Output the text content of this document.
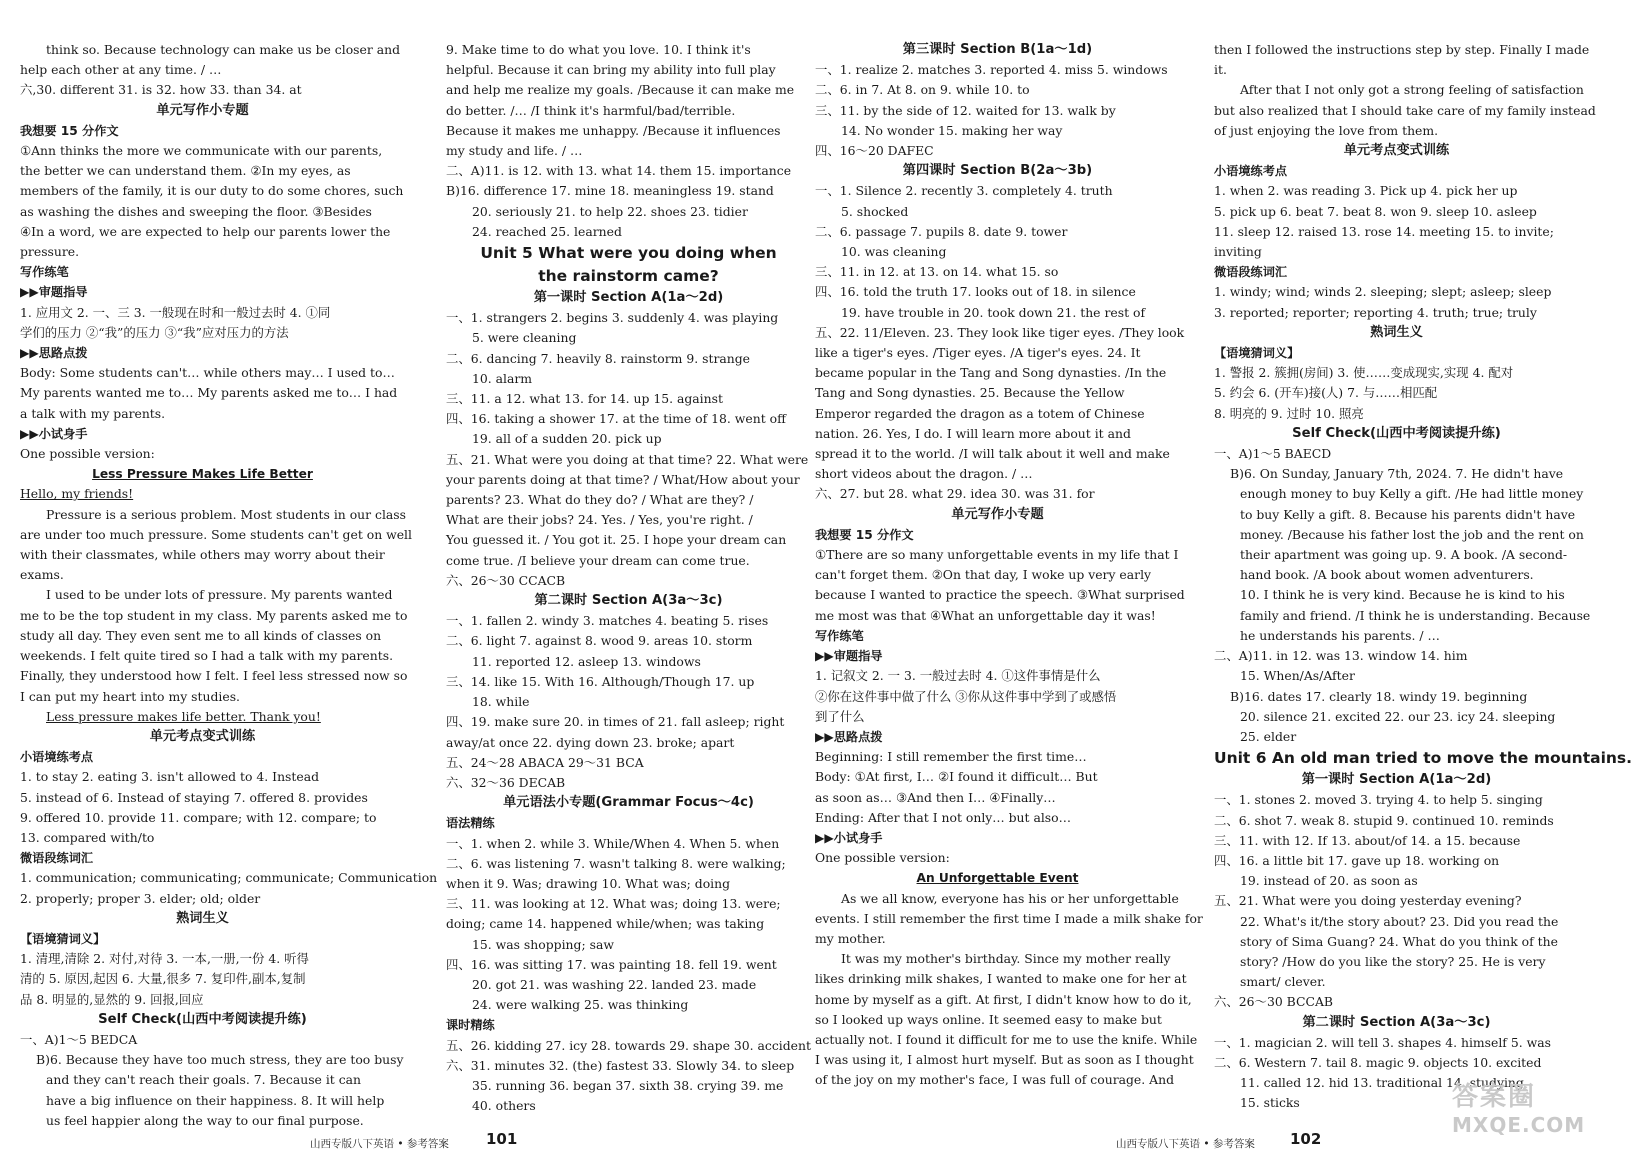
think so. Because technology can make us be closer and

help each other at any time. / …

六,30. different 31. is 32. how 33. than 34. at

单元写作小专题

我想要 15 分作文

①Ann thinks the more we communicate with our parents,

the better we can understand them. ②In my eyes, as

members of the family, it is our duty to do some chores, such

as washing the dishes and sweeping the floor. ③Besides

④In a word, we are expected to help our parents lower the

pressure.

写作练笔

▶▶审题指导

1. 应用文 2. 一、三 3. 一般现在时和一般过去时 4. ①同

学们的压力 ②“我”的压力 ③“我”应对压力的方法

▶▶思路点拨

Body: Some students can't… while others may… I used to…

My parents wanted me to… My parents asked me to… I had

a talk with my parents.

▶▶小试身手

One possible version:

Less Pressure Makes Life Better

Hello, my friends!

Pressure is a serious problem. Most students in our class

are under too much pressure. Some students can't get on well

with their classmates, while others may worry about their

exams.

I used to be under lots of pressure. My parents wanted

me to be the top student in my class. My parents asked me to

study all day. They even sent me to all kinds of classes on

weekends. I felt quite tired so I had a talk with my parents.

Finally, they understood how I felt. I feel less stressed now so

I can put my heart into my studies.

Less pressure makes life better. Thank you!

单元考点变式训练

小语境练考点

1. to stay 2. eating 3. isn't allowed to 4. Instead

5. instead of 6. Instead of staying 7. offered 8. provides

9. offered 10. provide 11. compare; with 12. compare; to

13. compared with/to

微语段练词汇

1. communication; communicating; communicate; Communication

2. properly; proper 3. elder; old; older

熟词生义

【语境猜词义】

1. 清理,清除 2. 对付,对待 3. 一本,一册,一份 4. 听得

清的 5. 原因,起因 6. 大量,很多 7. 复印件,副本,复制

品 8. 明显的,显然的 9. 回报,回应

Self Check(山西中考阅读提升练)

一、A)1～5 BEDCA

B)6. Because they have too much stress, they are too busy

and they can't reach their goals. 7. Because it can

have a big influence on their happiness. 8. It will help

us feel happier along the way to our final purpose.

9. Make time to do what you love. 10. I think it's

helpful. Because it can bring my ability into full play

and help me realize my goals. /Because it can make me

do better. /… /I think it's harmful/bad/terrible.

Because it makes me unhappy. /Because it influences

my study and life. / …

二、A)11. is 12. with 13. what 14. them 15. importance

B)16. difference 17. mine 18. meaningless 19. stand

20. seriously 21. to help 22. shoes 23. tidier

24. reached 25. learned

Unit 5 What were you doing when

the rainstorm came?

第一课时 Section A(1a～2d)

一、1. strangers 2. begins 3. suddenly 4. was playing

5. were cleaning

二、6. dancing 7. heavily 8. rainstorm 9. strange

10. alarm

三、11. a 12. what 13. for 14. up 15. against

四、16. taking a shower 17. at the time of 18. went off

19. all of a sudden 20. pick up

五、21. What were you doing at that time? 22. What were

your parents doing at that time? / What/How about your

parents? 23. What do they do? / What are they? /

What are their jobs? 24. Yes. / Yes, you're right. /

You guessed it. / You got it. 25. I hope your dream can

come true. /I believe your dream can come true.

六、26～30 CCACB

第二课时 Section A(3a～3c)

一、1. fallen 2. windy 3. matches 4. beating 5. rises

二、6. light 7. against 8. wood 9. areas 10. storm

11. reported 12. asleep 13. windows

三、14. like 15. With 16. Although/Though 17. up

18. while

四、19. make sure 20. in times of 21. fall asleep; right

away/at once 22. dying down 23. broke; apart

五、24～28 ABACA 29～31 BCA

六、32～36 DECAB

单元语法小专题(Grammar Focus～4c)

语法精练

一、1. when 2. while 3. While/When 4. When 5. when

二、6. was listening 7. wasn't talking 8. were walking;

when it 9. Was; drawing 10. What was; doing

三、11. was looking at 12. What was; doing 13. were;

doing; came 14. happened while/when; was taking

15. was shopping; saw

四、16. was sitting 17. was painting 18. fell 19. went

20. got 21. was washing 22. landed 23. made

24. were walking 25. was thinking

课时精练

五、26. kidding 27. icy 28. towards 29. shape 30. accident

六、31. minutes 32. (the) fastest 33. Slowly 34. to sleep

35. running 36. began 37. sixth 38. crying 39. me

40. others

第三课时 Section B(1a～1d)

一、1. realize 2. matches 3. reported 4. miss 5. windows

二、6. in 7. At 8. on 9. while 10. to

三、11. by the side of 12. waited for 13. walk by

14. No wonder 15. making her way

四、16～20 DAFEC

第四课时 Section B(2a～3b)

一、1. Silence 2. recently 3. completely 4. truth

5. shocked

二、6. passage 7. pupils 8. date 9. tower

10. was cleaning

三、11. in 12. at 13. on 14. what 15. so

四、16. told the truth 17. looks out of 18. in silence

19. have trouble in 20. took down 21. the rest of

五、22. 11/Eleven. 23. They look like tiger eyes. /They look

like a tiger's eyes. /Tiger eyes. /A tiger's eyes. 24. It

became popular in the Tang and Song dynasties. /In the

Tang and Song dynasties. 25. Because the Yellow

Emperor regarded the dragon as a totem of Chinese

nation. 26. Yes, I do. I will learn more about it and

spread it to the world. /I will talk about it well and make

short videos about the dragon. / …

六、27. but 28. what 29. idea 30. was 31. for

单元写作小专题

我想要 15 分作文

①There are so many unforgettable events in my life that I

can't forget them. ②On that day, I woke up very early

because I wanted to practice the speech. ③What surprised

me most was that ④What an unforgettable day it was!

写作练笔

▶▶审题指导

1. 记叙文 2. 一 3. 一般过去时 4. ①这件事情是什么

②你在这件事中做了什么 ③你从这件事中学到了或感悟

到了什么

▶▶思路点拨

Beginning: I still remember the first time…

Body: ①At first, I… ②I found it difficult… But

as soon as… ③And then I… ④Finally…

Ending: After that I not only… but also…

▶▶小试身手

One possible version:

An Unforgettable Event

As we all know, everyone has his or her unforgettable

events. I still remember the first time I made a milk shake for

my mother.

It was my mother's birthday. Since my mother really

likes drinking milk shakes, I wanted to make one for her at

home by myself as a gift. At first, I didn't know how to do it,

so I looked up ways online. It seemed easy to make but

actually not. I found it difficult for me to use the knife. While

I was using it, I almost hurt myself. But as soon as I thought

of the joy on my mother's face, I was full of courage. And

then I followed the instructions step by step. Finally I made

it.

After that I not only got a strong feeling of satisfaction

but also realized that I should take care of my family instead

of just enjoying the love from them.

单元考点变式训练

小语境练考点

1. when 2. was reading 3. Pick up 4. pick her up

5. pick up 6. beat 7. beat 8. won 9. sleep 10. asleep

11. sleep 12. raised 13. rose 14. meeting 15. to invite;

inviting

微语段练词汇

1. windy; wind; winds 2. sleeping; slept; asleep; sleep

3. reported; reporter; reporting 4. truth; true; truly

熟词生义

【语境猜词义】

1. 警报 2. 簇拥(房间) 3. 使……变成现实,实现 4. 配对

5. 约会 6. (开车)接(人) 7. 与……相匹配

8. 明亮的 9. 过时 10. 照亮

Self Check(山西中考阅读提升练)

一、A)1～5 BAECD

B)6. On Sunday, January 7th, 2024. 7. He didn't have

enough money to buy Kelly a gift. /He had little money

to buy Kelly a gift. 8. Because his parents didn't have

money. /Because his father lost the job and the rent on

their apartment was going up. 9. A book. /A second-

hand book. /A book about women adventurers.

10. I think he is very kind. Because he is kind to his

family and friend. /I think he is understanding. Because

he understands his parents. / …

二、A)11. in 12. was 13. window 14. him

15. When/As/After

B)16. dates 17. clearly 18. windy 19. beginning

20. silence 21. excited 22. our 23. icy 24. sleeping

25. elder

Unit 6 An old man tried to move the mountains.

第一课时 Section A(1a～2d)

一、1. stones 2. moved 3. trying 4. to help 5. singing

二、6. shot 7. weak 8. stupid 9. continued 10. reminds

三、11. with 12. If 13. about/of 14. a 15. because

四、16. a little bit 17. gave up 18. working on

19. instead of 20. as soon as

五、21. What were you doing yesterday evening?

22. What's it/the story about? 23. Did you read the

story of Sima Guang? 24. What do you think of the

story? /How do you like the story? 25. He is very

smart/ clever.

六、26～30 BCCAB

第二课时 Section A(3a～3c)

一、1. magician 2. will tell 3. shapes 4. himself 5. was

二、6. Western 7. tail 8. magic 9. objects 10. excited

11. called 12. hid 13. traditional 14. studying

15. sticks

山西专版八下英语 • 参考答案 101	山西专版八下英语 • 参考答案 102
答案圈
MXQE.COM
